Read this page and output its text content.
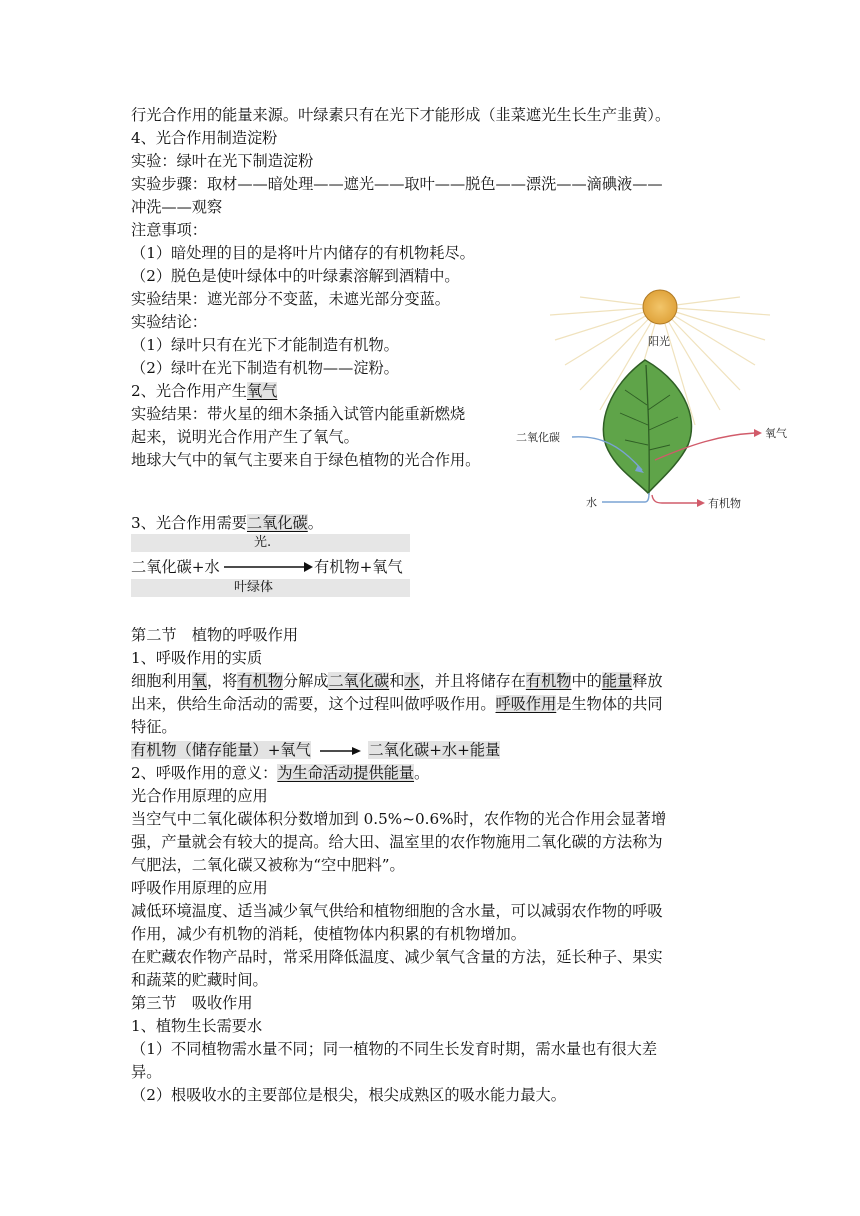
行光合作用的能量来源。叶绿素只有在光下才能形成（韭菜遮光生长生产韭黄）。
4、光合作用制造淀粉
实验：绿叶在光下制造淀粉
实验步骤：取材——暗处理——遮光——取叶——脱色——漂洗——滴碘液——
冲洗——观察
注意事项：
（1）暗处理的目的是将叶片内储存的有机物耗尽。
（2）脱色是使叶绿体中的叶绿素溶解到酒精中。
实验结果：遮光部分不变蓝，未遮光部分变蓝。
实验结论：
（1）绿叶只有在光下才能制造有机物。
（2）绿叶在光下制造有机物——淀粉。
2、光合作用产生氧气
实验结果：带火星的细木条插入试管内能重新燃烧
起来，说明光合作用产生了氧气。
地球大气中的氧气主要来自于绿色植物的光合作用。
3、光合作用需要二氧化碳。
光.
二氧化碳+水	有机物+氧气
叶绿体
第二节　植物的呼吸作用
1、呼吸作用的实质
细胞利用氧，将有机物分解成二氧化碳和水，并且将储存在有机物中的能量释放
出来，供给生命活动的需要，这个过程叫做呼吸作用。呼吸作用是生物体的共同
特征。
有机物（储存能量）+氧气	二氧化碳+水+能量
2、呼吸作用的意义：为生命活动提供能量。
光合作用原理的应用
当空气中二氧化碳体积分数增加到 0.5%~0.6%时，农作物的光合作用会显著增
强，产量就会有较大的提高。给大田、温室里的农作物施用二氧化碳的方法称为
气肥法，二氧化碳又被称为“空中肥料”。
呼吸作用原理的应用
减低环境温度、适当减少氧气供给和植物细胞的含水量，可以减弱农作物的呼吸
作用，减少有机物的消耗，使植物体内积累的有机物增加。
在贮藏农作物产品时，常采用降低温度、减少氧气含量的方法，延长种子、果实
和蔬菜的贮藏时间。
第三节　吸收作用
1、植物生长需要水
（1）不同植物需水量不同；同一植物的不同生长发育时期，需水量也有很大差
异。
（2）根吸收水的主要部位是根尖，根尖成熟区的吸水能力最大。
阳光
二氧化碳	氧气
水	有机物
